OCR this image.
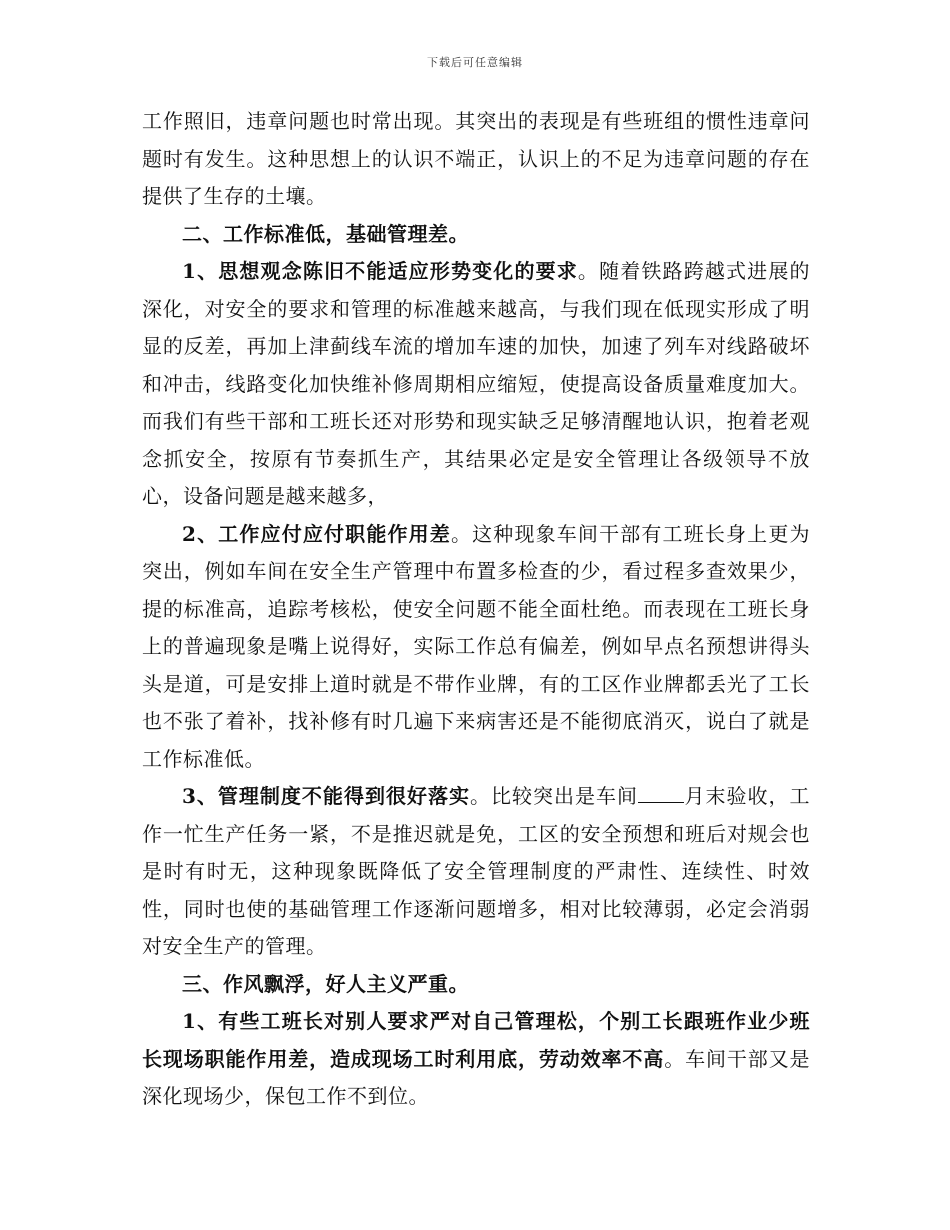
下载后可任意编辑

工作照旧，违章问题也时常出现。其突出的表现是有些班组的惯性违章问题时有发生。这种思想上的认识不端正，认识上的不足为违章问题的存在提供了生存的土壤。

二、工作标准低，基础管理差。

1、思想观念陈旧不能适应形势变化的要求。随着铁路跨越式进展的深化，对安全的要求和管理的标准越来越高，与我们现在低现实形成了明显的反差，再加上津蓟线车流的增加车速的加快，加速了列车对线路破坏和冲击，线路变化加快维补修周期相应缩短，使提高设备质量难度加大。而我们有些干部和工班长还对形势和现实缺乏足够清醒地认识，抱着老观念抓安全，按原有节奏抓生产，其结果必定是安全管理让各级领导不放心，设备问题是越来越多，

2、工作应付应付职能作用差。这种现象车间干部有工班长身上更为突出，例如车间在安全生产管理中布置多检查的少，看过程多查效果少，提的标准高，追踪考核松，使安全问题不能全面杜绝。而表现在工班长身上的普遍现象是嘴上说得好，实际工作总有偏差，例如早点名预想讲得头头是道，可是安排上道时就是不带作业牌，有的工区作业牌都丢光了工长也不张了着补，找补修有时几遍下来病害还是不能彻底消灭，说白了就是工作标准低。

3、管理制度不能得到很好落实。比较突出是车间 月末验收，工作一忙生产任务一紧，不是推迟就是免，工区的安全预想和班后对规会也是时有时无，这种现象既降低了安全管理制度的严肃性、连续性、时效性，同时也使的基础管理工作逐渐问题增多，相对比较薄弱，必定会消弱对安全生产的管理。

三、作风飘浮，好人主义严重。

1、有些工班长对别人要求严对自己管理松，个别工长跟班作业少班长现场职能作用差，造成现场工时利用底，劳动效率不高。车间干部又是深化现场少，保包工作不到位。
